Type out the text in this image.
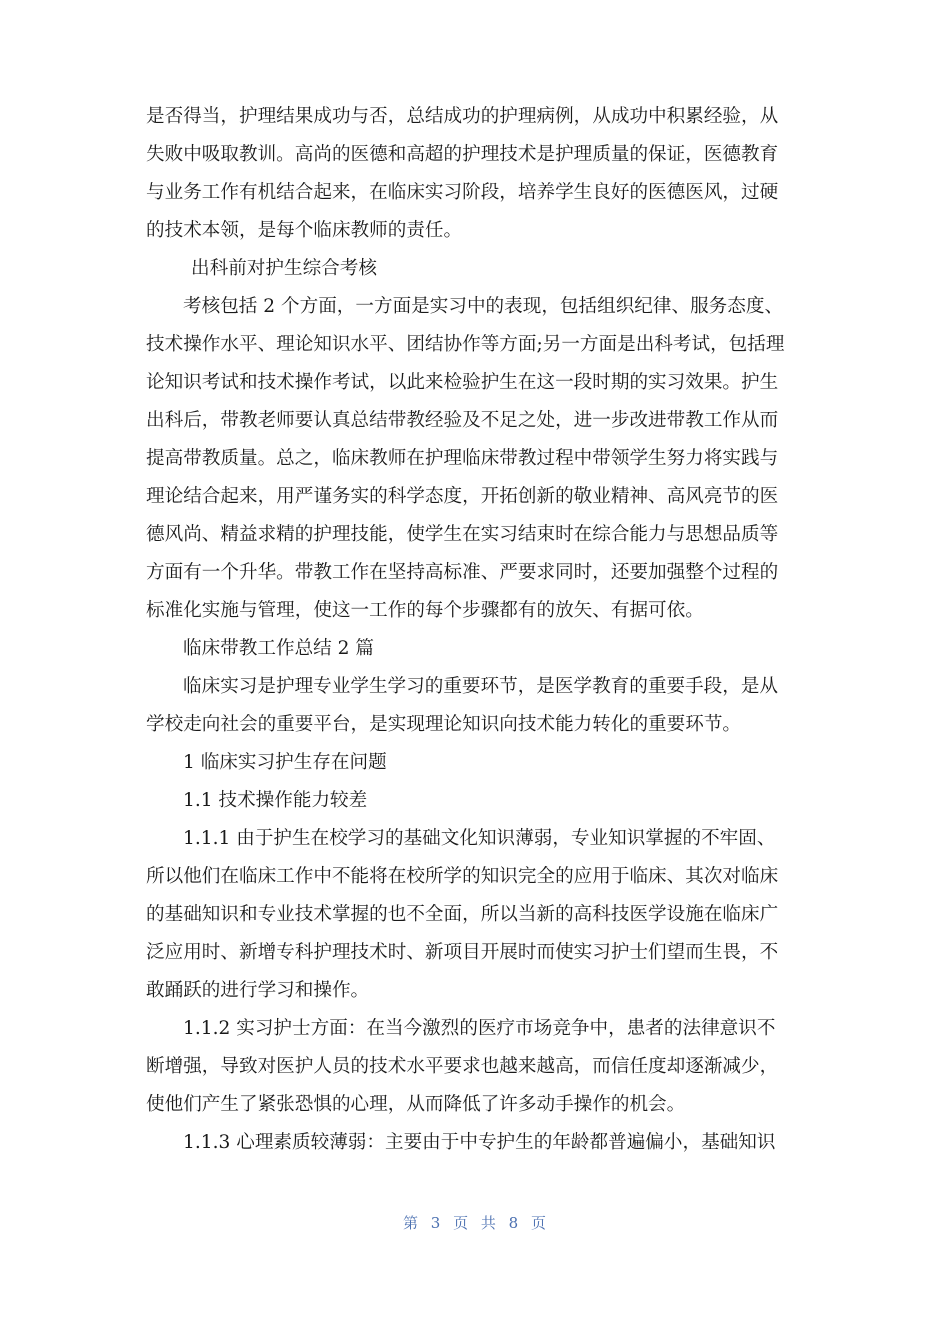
是否得当，护理结果成功与否，总结成功的护理病例，从成功中积累经验，从
失败中吸取教训。高尚的医德和高超的护理技术是护理质量的保证，医德教育
与业务工作有机结合起来，在临床实习阶段，培养学生良好的医德医风，过硬
的技术本领，是每个临床教师的责任。
出科前对护生综合考核
考核包括 2 个方面，一方面是实习中的表现，包括组织纪律、服务态度、
技术操作水平、理论知识水平、团结协作等方面;另一方面是出科考试，包括理
论知识考试和技术操作考试，以此来检验护生在这一段时期的实习效果。护生
出科后，带教老师要认真总结带教经验及不足之处，进一步改进带教工作从而
提高带教质量。总之，临床教师在护理临床带教过程中带领学生努力将实践与
理论结合起来，用严谨务实的科学态度，开拓创新的敬业精神、高风亮节的医
德风尚、精益求精的护理技能，使学生在实习结束时在综合能力与思想品质等
方面有一个升华。带教工作在坚持高标准、严要求同时，还要加强整个过程的
标准化实施与管理，使这一工作的每个步骤都有的放矢、有据可依。
临床带教工作总结 2 篇
临床实习是护理专业学生学习的重要环节，是医学教育的重要手段，是从
学校走向社会的重要平台，是实现理论知识向技术能力转化的重要环节。
1 临床实习护生存在问题
1.1 技术操作能力较差
1.1.1 由于护生在校学习的基础文化知识薄弱，专业知识掌握的不牢固、
所以他们在临床工作中不能将在校所学的知识完全的应用于临床、其次对临床
的基础知识和专业技术掌握的也不全面，所以当新的高科技医学设施在临床广
泛应用时、新增专科护理技术时、新项目开展时而使实习护士们望而生畏，不
敢踊跃的进行学习和操作。
1.1.2 实习护士方面：在当今激烈的医疗市场竞争中，患者的法律意识不
断增强，导致对医护人员的技术水平要求也越来越高，而信任度却逐渐减少，
使他们产生了紧张恐惧的心理，从而降低了许多动手操作的机会。
1.1.3 心理素质较薄弱：主要由于中专护生的年龄都普遍偏小，基础知识
第 3 页 共 8 页
